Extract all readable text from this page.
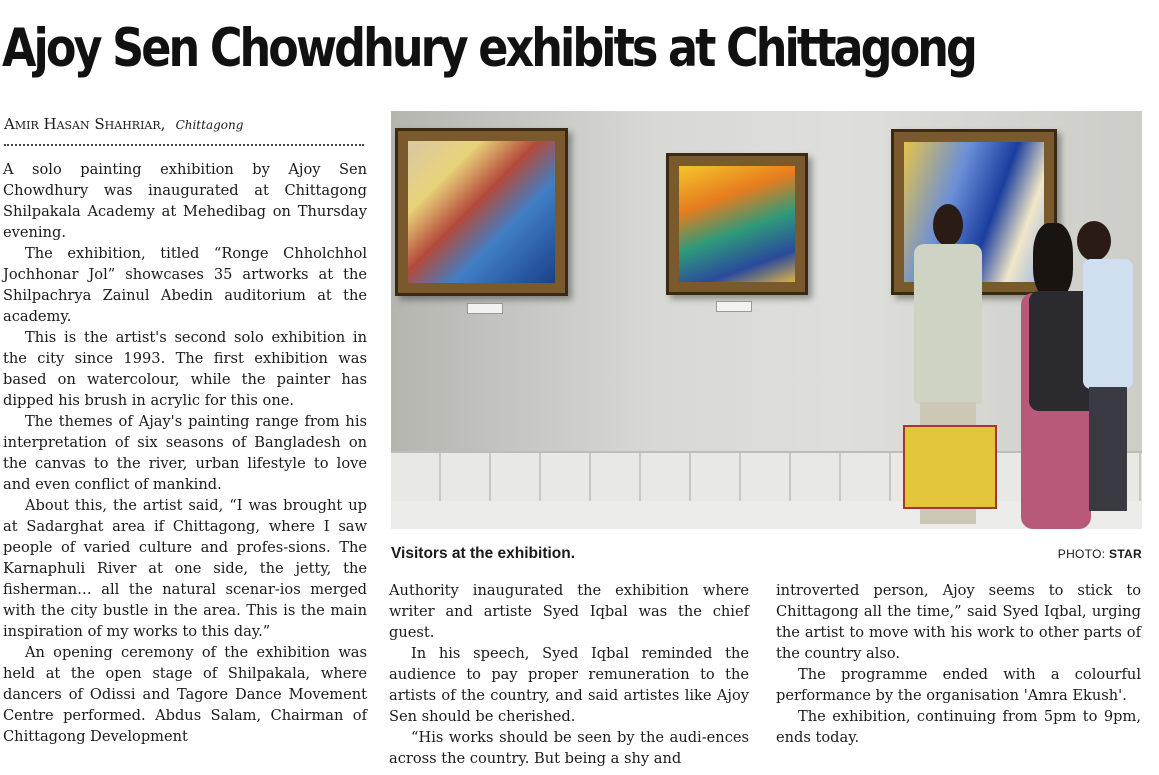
Ajoy Sen Chowdhury exhibits at Chittagong
Amir Hasan Shahriar, Chittagong

A solo painting exhibition by Ajoy Sen Chowdhury was inaugurated at Chittagong Shilpakala Academy at Mehedibag on Thursday evening.

The exhibition, titled “Ronge Chholchhol Jochhonar Jol” showcases 35 artworks at the Shilpachrya Zainul Abedin auditorium at the academy.

This is the artist's second solo exhibition in the city since 1993. The first exhibition was based on watercolour, while the painter has dipped his brush in acrylic for this one.

The themes of Ajay's painting range from his interpretation of six seasons of Bangladesh on the canvas to the river, urban lifestyle to love and even conflict of mankind.

About this, the artist said, “I was brought up at Sadarghat area if Chittagong, where I saw people of varied culture and profes-sions. The Karnaphuli River at one side, the jetty, the fisherman… all the natural scenar-ios merged with the city bustle in the area. This is the main inspiration of my works to this day.”

An opening ceremony of the exhibition was held at the open stage of Shilpakala, where dancers of Odissi and Tagore Dance Movement Centre performed. Abdus Salam, Chairman of Chittagong Development

Visitors at the exhibition.	PHOTO: STAR

Authority inaugurated the exhibition where writer and artiste Syed Iqbal was the chief guest.

In his speech, Syed Iqbal reminded the audience to pay proper remuneration to the artists of the country, and said artistes like Ajoy Sen should be cherished.

“His works should be seen by the audi-ences across the country. But being a shy and

introverted person, Ajoy seems to stick to Chittagong all the time,” said Syed Iqbal, urging the artist to move with his work to other parts of the country also.

The programme ended with a colourful performance by the organisation 'Amra Ekush'.

The exhibition, continuing from 5pm to 9pm, ends today.
